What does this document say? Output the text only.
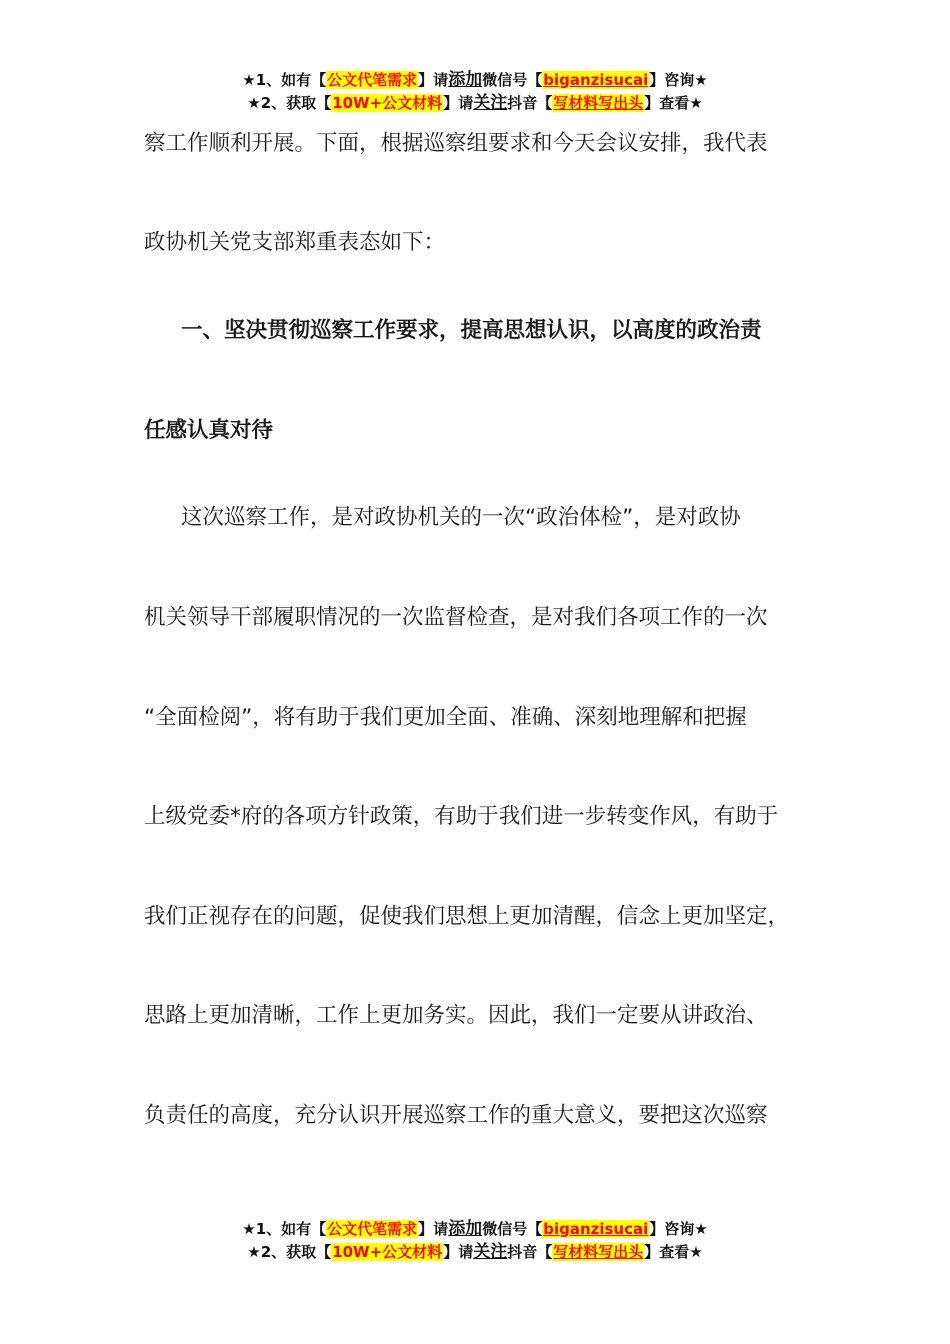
★1、如有【公文代笔需求】请添加微信号【biganzisucai】咨询★
★2、获取【10W+公文材料】请关注抖音【写材料写出头】查看★
察工作顺利开展。下面，根据巡察组要求和今天会议安排，我代表
政协机关党支部郑重表态如下：
一、坚决贯彻巡察工作要求，提高思想认识，以高度的政治责
任感认真对待
这次巡察工作，是对政协机关的一次“政治体检”，是对政协
机关领导干部履职情况的一次监督检查，是对我们各项工作的一次
“全面检阅”，将有助于我们更加全面、准确、深刻地理解和把握
上级党委*府的各项方针政策，有助于我们进一步转变作风，有助于
我们正视存在的问题，促使我们思想上更加清醒，信念上更加坚定，
思路上更加清晰，工作上更加务实。因此，我们一定要从讲政治、
负责任的高度，充分认识开展巡察工作的重大意义，要把这次巡察
★1、如有【公文代笔需求】请添加微信号【biganzisucai】咨询★
★2、获取【10W+公文材料】请关注抖音【写材料写出头】查看★
